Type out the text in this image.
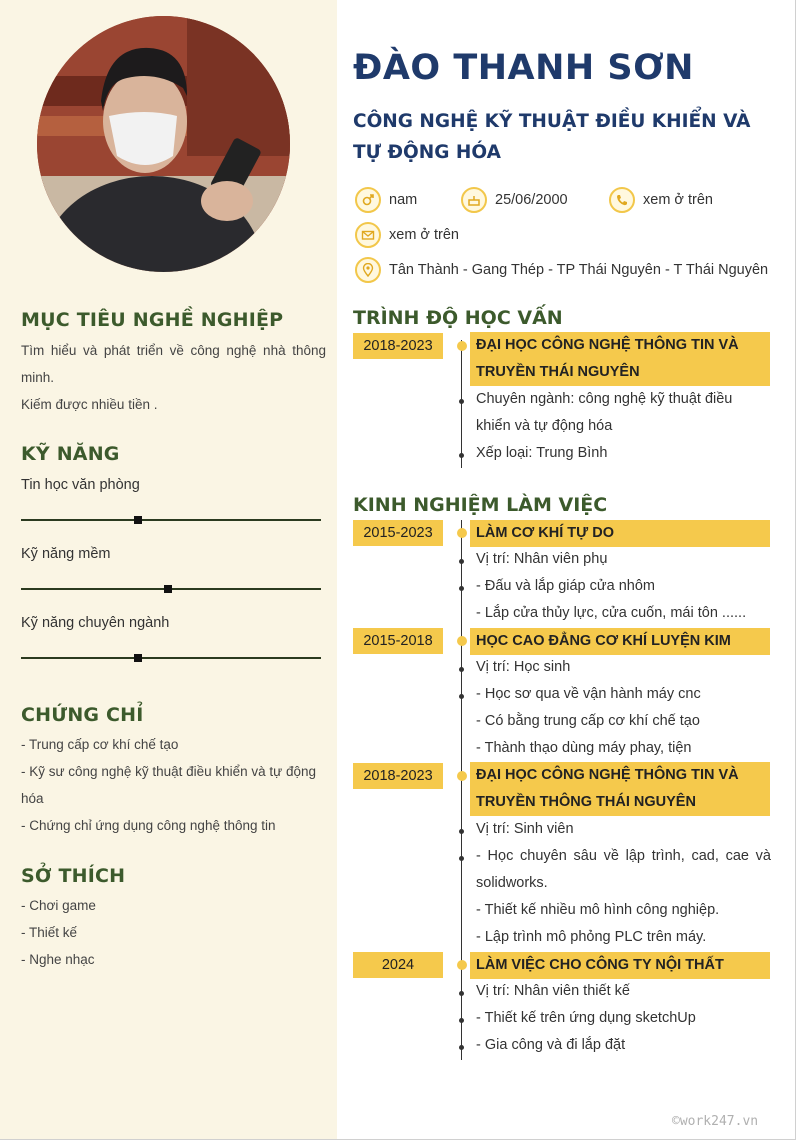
MỤC TIÊU NGHỀ NGHIỆP
Tìm hiểu và phát triển về công nghệ nhà thông minh.
Kiếm được nhiều tiền .
KỸ NĂNG
Tin học văn phòng
Kỹ năng mềm
Kỹ năng chuyên ngành
CHỨNG CHỈ
- Trung cấp cơ khí chế tạo
- Kỹ sư công nghệ kỹ thuật điều khiển và tự động hóa
- Chứng chỉ ứng dụng công nghệ thông tin
SỞ THÍCH
- Chơi game
- Thiết kế
- Nghe nhạc
ĐÀO THANH SƠN
CÔNG NGHỆ KỸ THUẬT ĐIỀU KHIỂN VÀ TỰ ĐỘNG HÓA
nam	25/06/2000	xem ở trên
xem ở trên
Tân Thành - Gang Thép - TP Thái Nguyên - T Thái Nguyên
TRÌNH ĐỘ HỌC VẤN
2018-2023	ĐẠI HỌC CÔNG NGHỆ THÔNG TIN VÀ TRUYỀN THÁI NGUYÊN
Chuyên ngành: công nghệ kỹ thuật điều khiển và tự động hóa
Xếp loại: Trung Bình
KINH NGHIỆM LÀM VIỆC
2015-2023	LÀM CƠ KHÍ TỰ DO
Vị trí: Nhân viên phụ
- Đấu và lắp giáp cửa nhôm
- Lắp cửa thủy lực, cửa cuốn, mái tôn ......
2015-2018	HỌC CAO ĐẲNG CƠ KHÍ LUYỆN KIM
Vị trí: Học sinh
- Học sơ qua về vận hành máy cnc
- Có bằng trung cấp cơ khí chế tạo
- Thành thạo dùng máy phay, tiện
2018-2023	ĐẠI HỌC CÔNG NGHỆ THÔNG TIN VÀ TRUYỀN THÔNG THÁI NGUYÊN
Vị trí: Sinh viên
- Học chuyên sâu về lập trình, cad, cae và solidworks.
- Thiết kế nhiều mô hình công nghiệp.
- Lập trình mô phỏng PLC trên máy.
2024	LÀM VIỆC CHO CÔNG TY NỘI THẤT
Vị trí: Nhân viên thiết kế
- Thiết kế trên ứng dụng sketchUp
- Gia công và đi lắp đặt
©work247.vn
